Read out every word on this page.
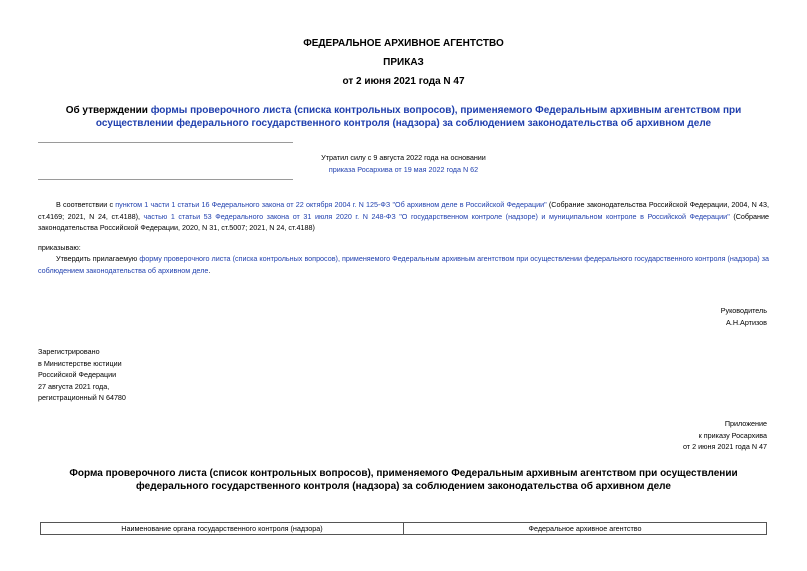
ФЕДЕРАЛЬНОЕ АРХИВНОЕ АГЕНТСТВО
ПРИКАЗ
от 2 июня 2021 года N 47
Об утверждении формы проверочного листа (списка контрольных вопросов), применяемого Федеральным архивным агентством при осуществлении федерального государственного контроля (надзора) за соблюдением законодательства об архивном деле
Утратил силу с 9 августа 2022 года на основании
приказа Росархива от 19 мая 2022 года N 62
В соответствии с пунктом 1 части 1 статьи 16 Федерального закона от 22 октября 2004 г. N 125-ФЗ "Об архивном деле в Российской Федерации" (Собрание законодательства Российской Федерации, 2004, N 43, ст.4169; 2021, N 24, ст.4188), частью 1 статьи 53 Федерального закона от 31 июля 2020 г. N 248-ФЗ "О государственном контроле (надзоре) и муниципальном контроле в Российской Федерации" (Собрание законодательства Российской Федерации, 2020, N 31, ст.5007; 2021, N 24, ст.4188)
приказываю:
Утвердить прилагаемую форму проверочного листа (списка контрольных вопросов), применяемого Федеральным архивным агентством при осуществлении федерального государственного контроля (надзора) за соблюдением законодательства об архивном деле.
Руководитель
А.Н.Артизов
Зарегистрировано
в Министерстве юстиции
Российской Федерации
27 августа 2021 года,
регистрационный N 64780
Приложение
к приказу Росархива
от 2 июня 2021 года N 47
Форма проверочного листа (список контрольных вопросов), применяемого Федеральным архивным агентством при осуществлении федерального государственного контроля (надзора) за соблюдением законодательства об архивном деле
Наименование органа государственного контроля (надзора)	Федеральное архивное агентство
